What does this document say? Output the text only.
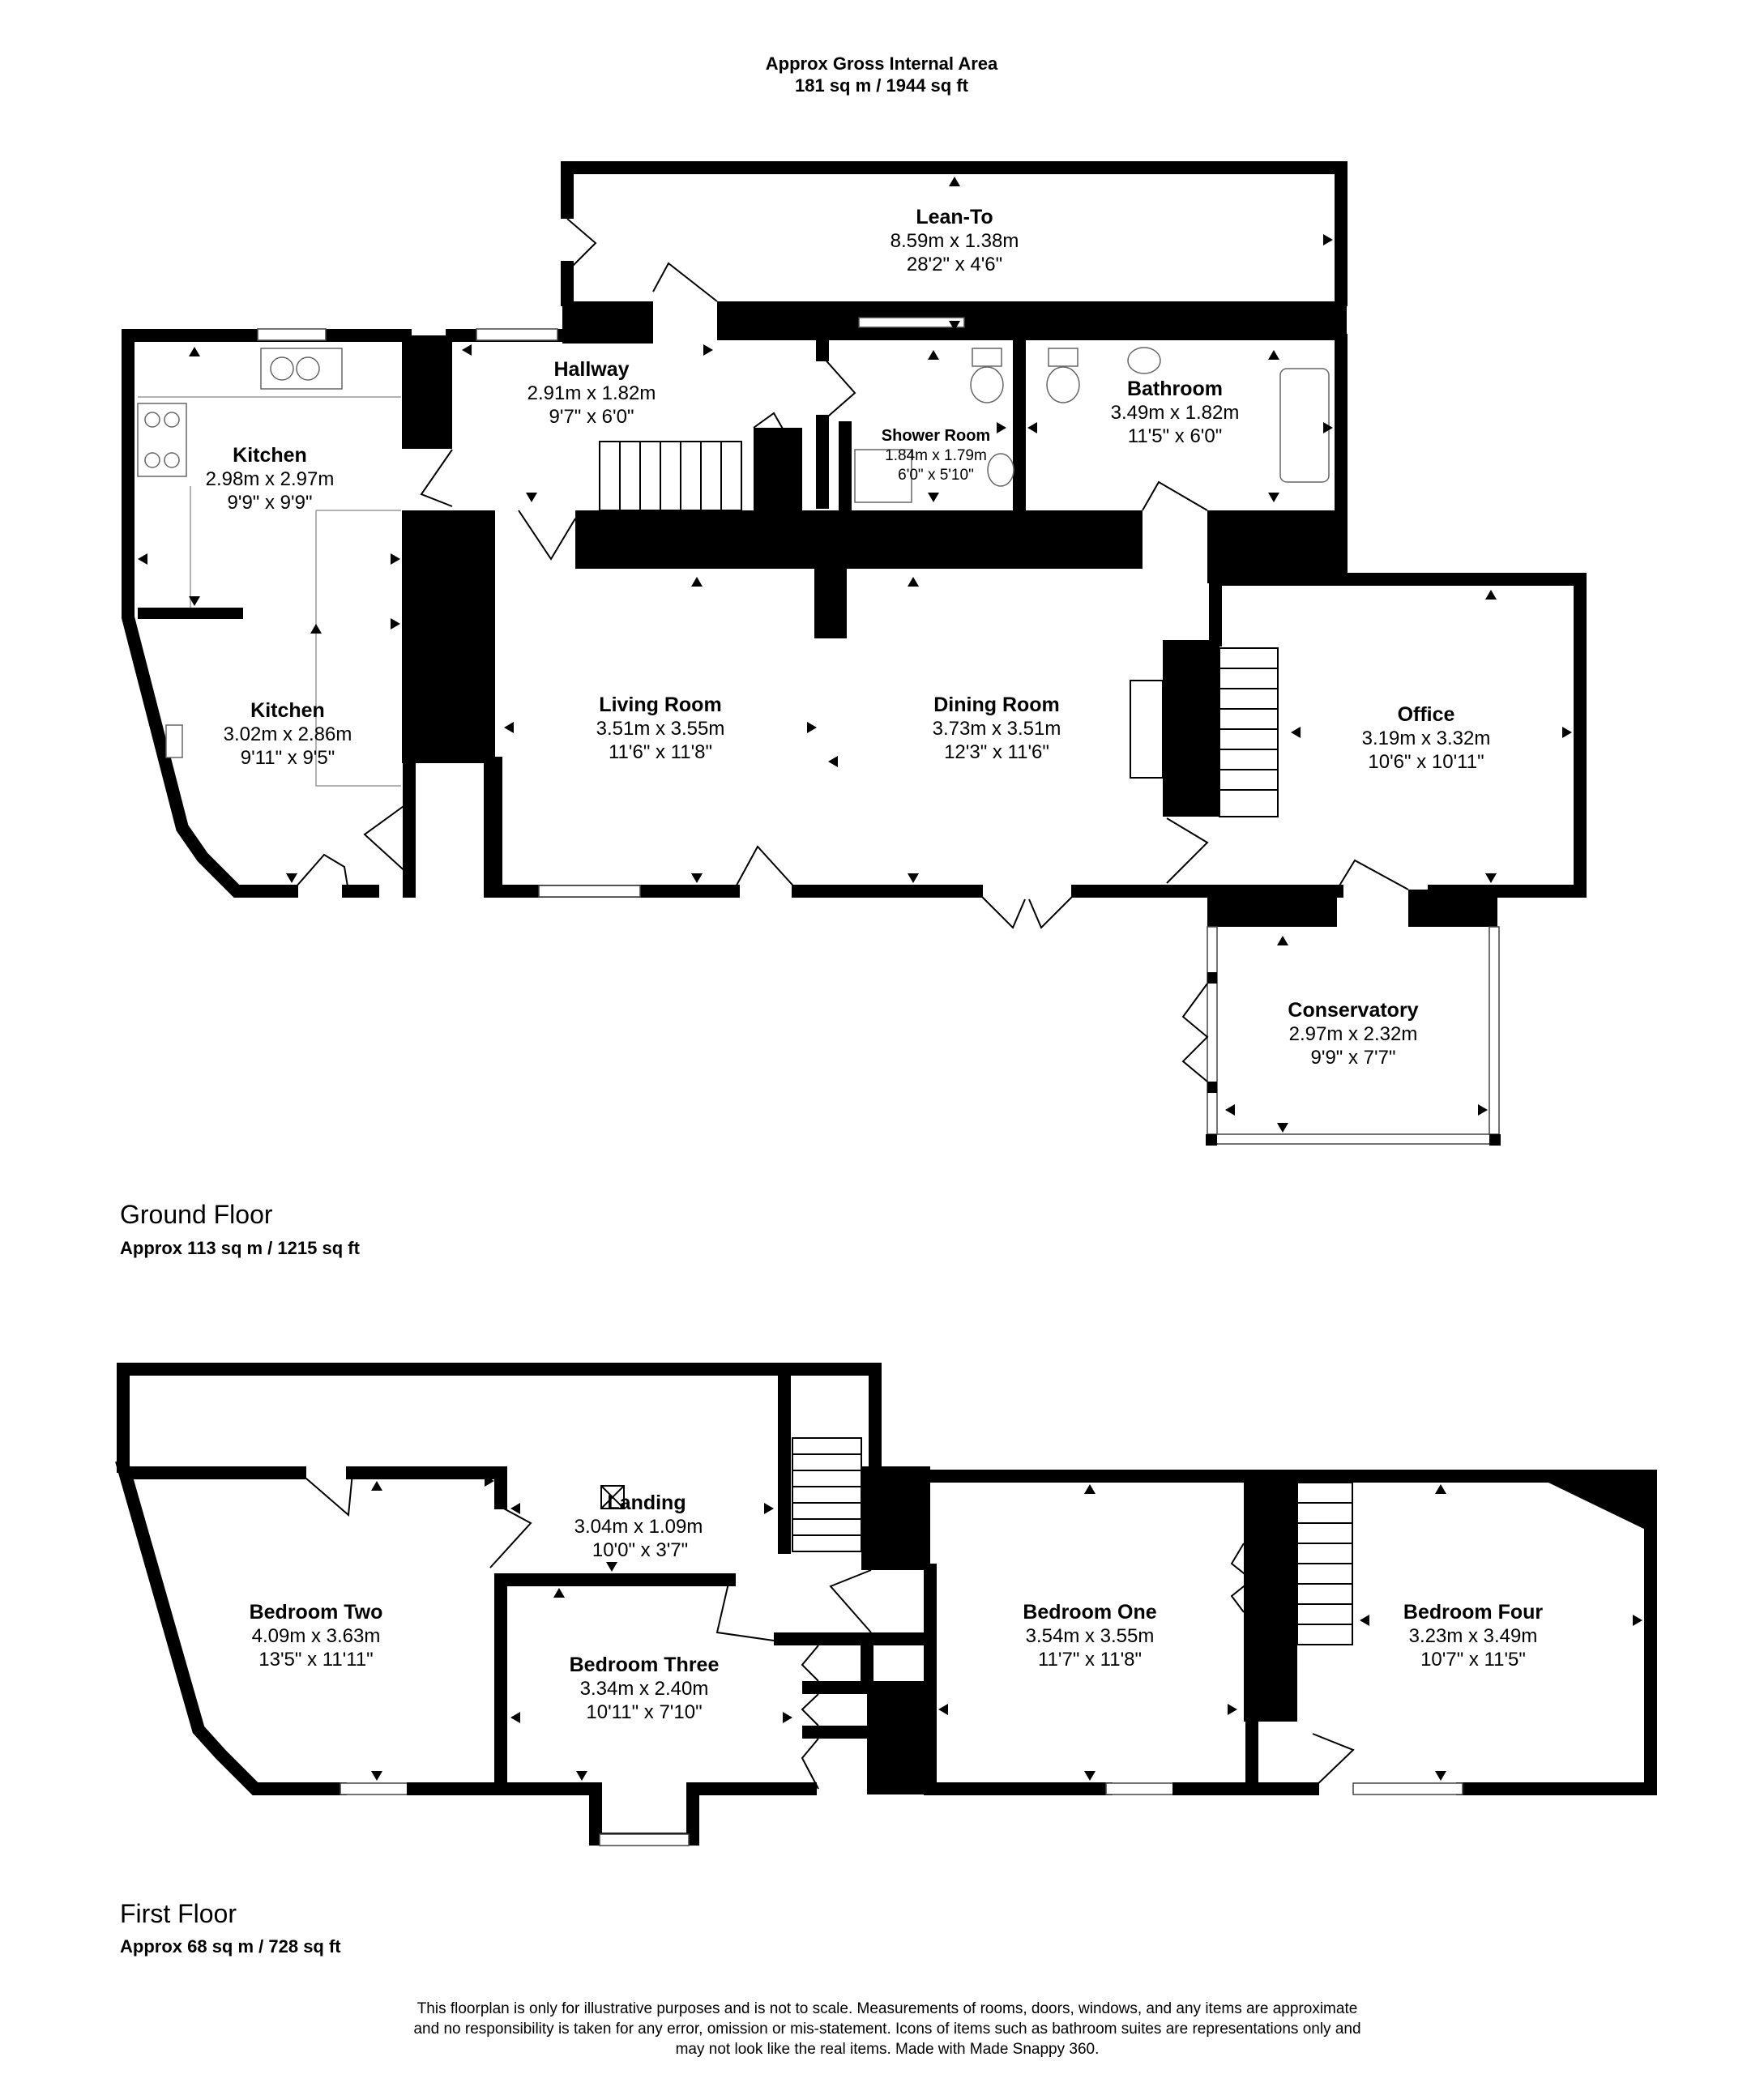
Approx Gross Internal Area
181 sq m / 1944 sq ft
Lean-To
8.59m x 1.38m
28'2" x 4'6"
Hallway
2.91m x 1.82m
9'7" x 6'0"
Kitchen
2.98m x 2.97m
9'9" x 9'9"
Kitchen
3.02m x 2.86m
9'11" x 9'5"
Shower Room
1.84m x 1.79m
6'0" x 5'10"
Bathroom
3.49m x 1.82m
11'5" x 6'0"
Living Room
3.51m x 3.55m
11'6" x 11'8"
Dining Room
3.73m x 3.51m
12'3" x 11'6"
Office
3.19m x 3.32m
10'6" x 10'11"
Conservatory
2.97m x 2.32m
9'9" x 7'7"
Ground Floor
Approx 113 sq m / 1215 sq ft
Landing
3.04m x 1.09m
10'0" x 3'7"
Bedroom Two
4.09m x 3.63m
13'5" x 11'11"	Bedroom Three
3.34m x 2.40m
10'11" x 7'10"
Bedroom One
3.54m x 3.55m
11'7" x 11'8"
Bedroom Four
3.23m x 3.49m
10'7" x 11'5"
First Floor
Approx 68 sq m / 728 sq ft
This floorplan is only for illustrative purposes and is not to scale. Measurements of rooms, doors, windows, and any items are approximate
and no responsibility is taken for any error, omission or mis-statement. Icons of items such as bathroom suites are representations only and
may not look like the real items. Made with Made Snappy 360.
